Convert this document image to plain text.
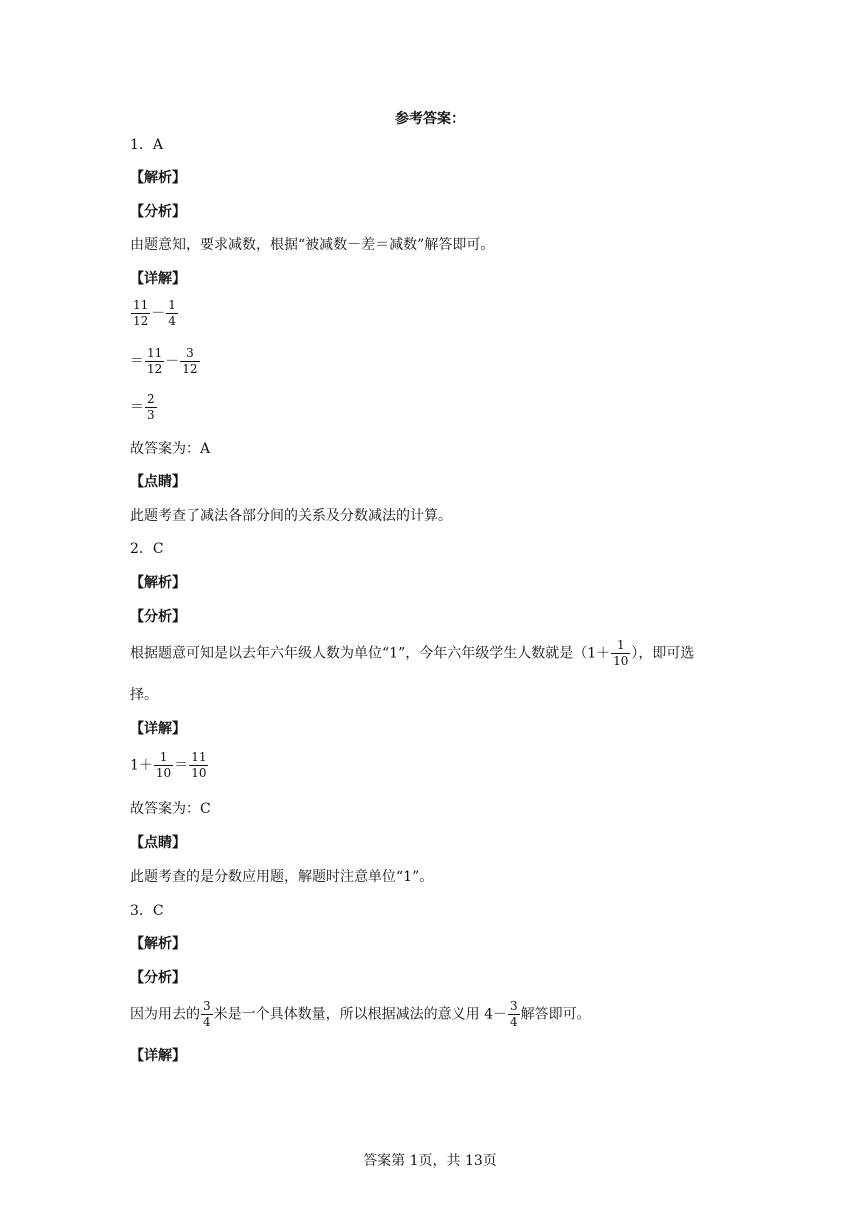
参考答案：
1．A
【解析】
【分析】
由题意知，要求减数，根据“被减数－差＝减数”解答即可。
【详解】
$\frac{11}{12} - \frac{1}{4}$
＝ $\frac{11}{12} - \frac{3}{12}$
＝ $\frac{2}{3}$
故答案为：A
【点睛】
此题考查了减法各部分间的关系及分数减法的计算。
2．C
【解析】
【分析】
根据题意可知是以去年六年级人数为单位“1”，今年六年级学生人数就是（$1+ \frac{1}{10}$ ），即可选
择。
【详解】
$1+ \frac{1}{10} = \frac{11}{10}$
故答案为：C
【点睛】
此题考查的是分数应用题，解题时注意单位“1”。
3．C
【解析】
【分析】
因为用去的 $\frac{3}{4}$ 米是一个具体数量，所以根据减法的意义用 $4- \frac{3}{4}$ 解答即可。
【详解】
答案第 1页，共 13页
